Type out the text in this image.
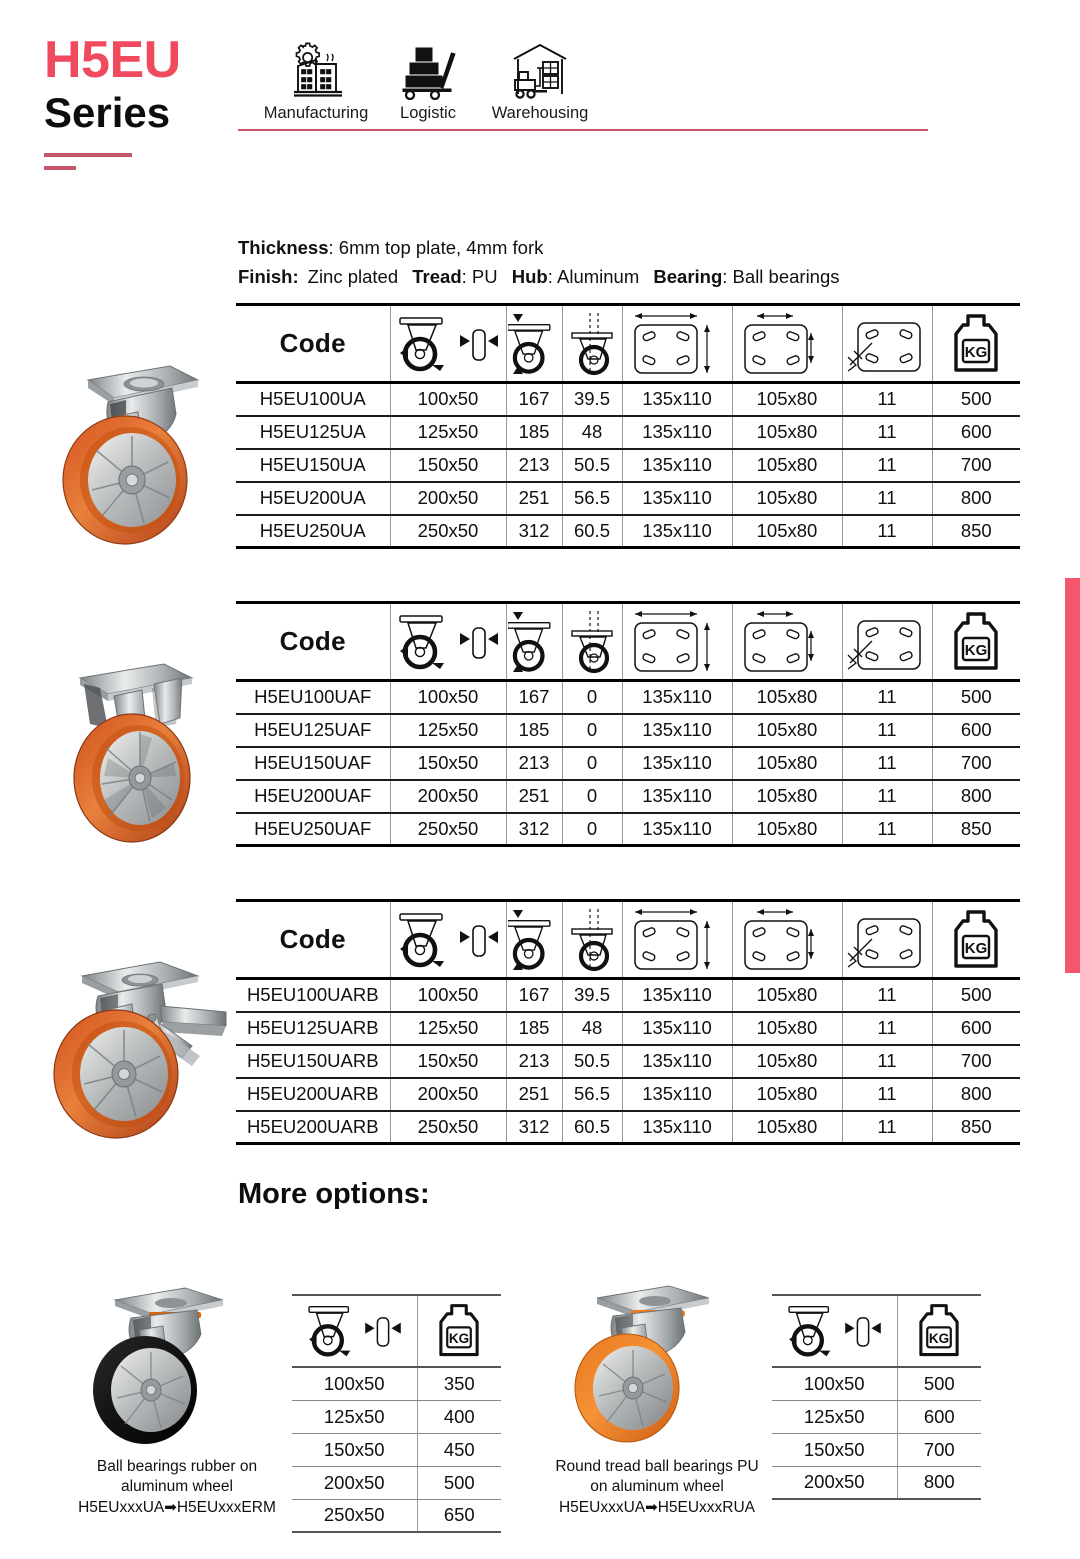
H5EU
Series	Manufacturing	Logistic	Warehousing
Thickness: 6mm top plate, 4mm fork
Finish: Zinc plated Tread: PU Hub: Aluminum Bearing: Ball bearings
Code							KG

H5EU100UA	100x50	167	39.5	135x110	105x80	11	500
H5EU125UA	125x50	185	48	135x110	105x80	11	600
H5EU150UA	150x50	213	50.5	135x110	105x80	11	700
H5EU200UA	200x50	251	56.5	135x110	105x80	11	800
H5EU250UA	250x50	312	60.5	135x110	105x80	11	850
Code							KG

H5EU100UAF	100x50	167	0	135x110	105x80	11	500
H5EU125UAF	125x50	185	0	135x110	105x80	11	600
H5EU150UAF	150x50	213	0	135x110	105x80	11	700
H5EU200UAF	200x50	251	0	135x110	105x80	11	800
H5EU250UAF	250x50	312	0	135x110	105x80	11	850
Code							KG

H5EU100UARB	100x50	167	39.5	135x110	105x80	11	500
H5EU125UARB	125x50	185	48	135x110	105x80	11	600
H5EU150UARB	150x50	213	50.5	135x110	105x80	11	700
H5EU200UARB	200x50	251	56.5	135x110	105x80	11	800
H5EU200UARB	250x50	312	60.5	135x110	105x80	11	850
More options:
Ball bearings rubber on
aluminum wheel
H5EUxxxUA➡H5EUxxxERM

KG

100x50	350
125x50	400
150x50	450
200x50	500
250x50	650
Round tread ball bearings PU
on aluminum wheel
H5EUxxxUA➡H5EUxxxRUA

KG

100x50	500
125x50	600
150x50	700
200x50	800
